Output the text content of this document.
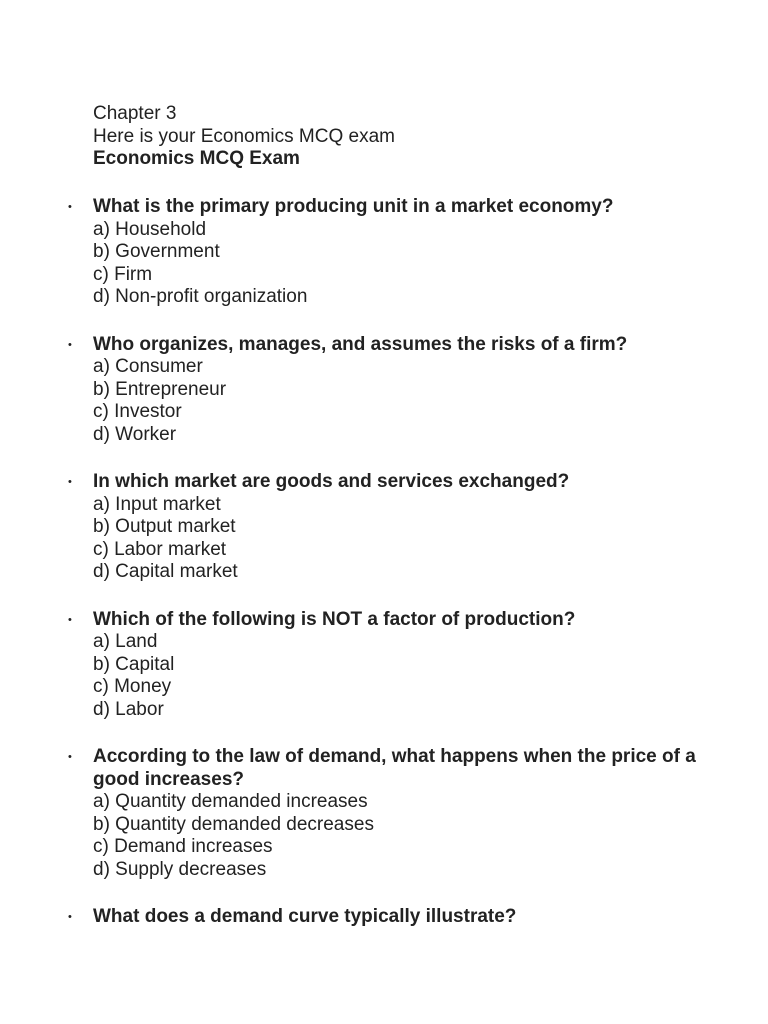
Chapter 3
Here is your Economics MCQ exam
Economics MCQ Exam
• What is the primary producing unit in a market economy?
a) Household
b) Government
c) Firm
d) Non-profit organization
• Who organizes, manages, and assumes the risks of a firm?
a) Consumer
b) Entrepreneur
c) Investor
d) Worker
• In which market are goods and services exchanged?
a) Input market
b) Output market
c) Labor market
d) Capital market
• Which of the following is NOT a factor of production?
a) Land
b) Capital
c) Money
d) Labor
• According to the law of demand, what happens when the price of a good increases?
a) Quantity demanded increases
b) Quantity demanded decreases
c) Demand increases
d) Supply decreases
• What does a demand curve typically illustrate?
